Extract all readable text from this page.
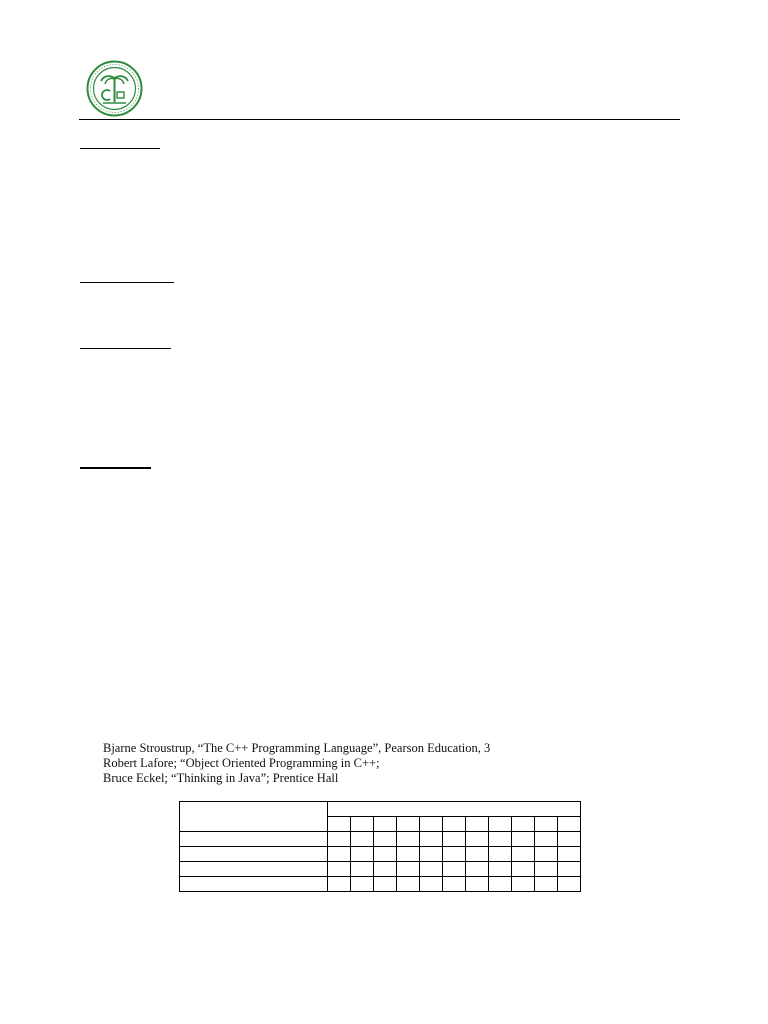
Bjarne Stroustrup, “The C++ Programming Language”, Pearson Education, 3
Robert Lafore; “Object Oriented Programming in C++;
Bruce Eckel; “Thinking in Java”; Prentice Hall
